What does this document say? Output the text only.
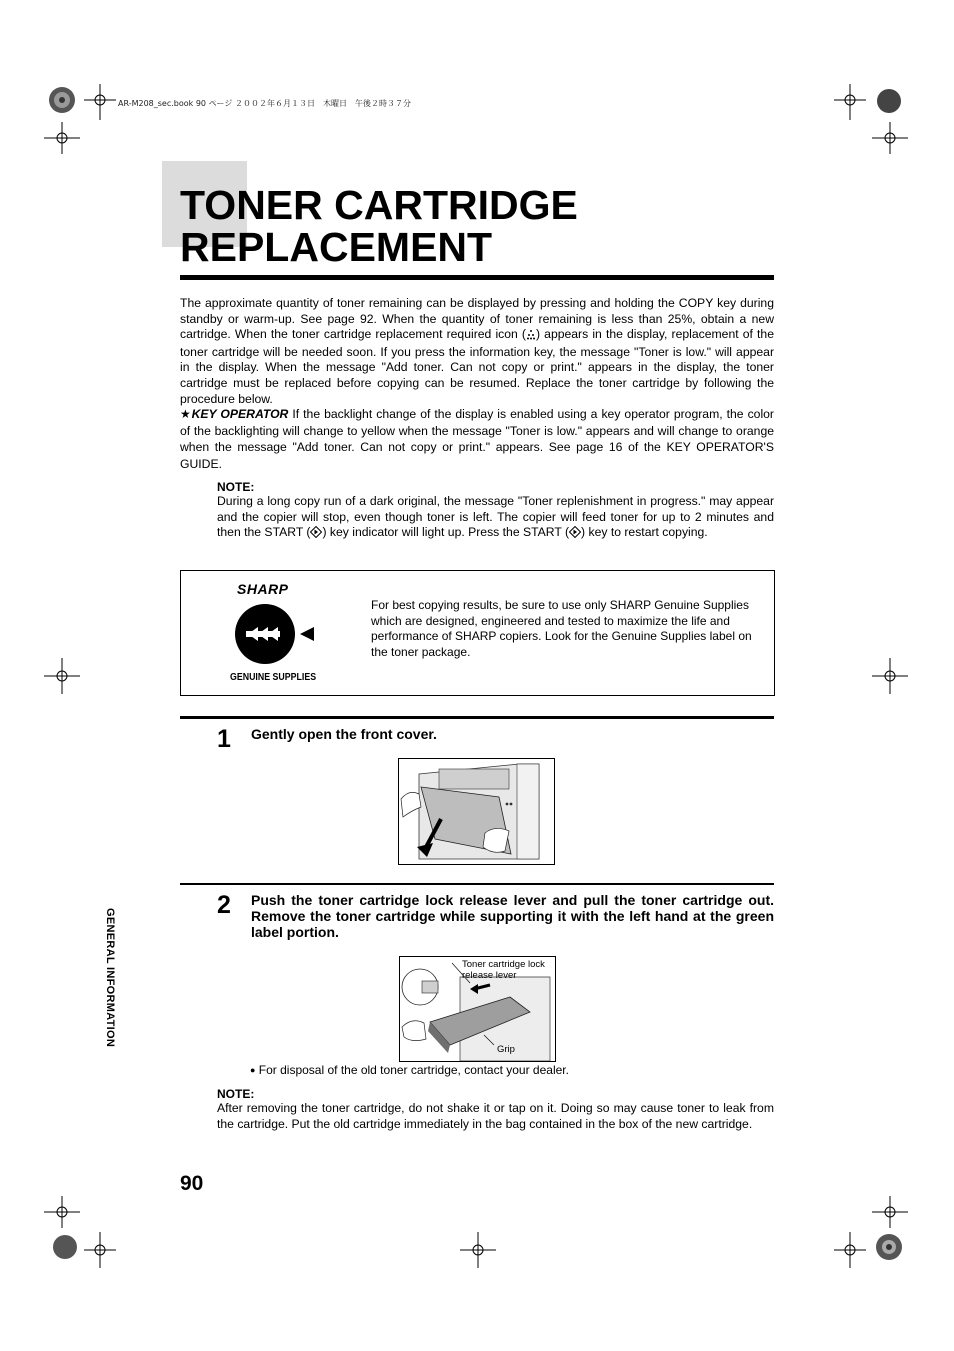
AR-M208_sec.book 90 ページ ２００２年６月１３日　木曜日　午後２時３７分
TONER CARTRIDGE
REPLACEMENT
The approximate quantity of toner remaining can be displayed by pressing and holding the COPY key during standby or warm-up. See page 92. When the quantity of toner remaining is less than 25%, obtain a new cartridge. When the toner cartridge replacement required icon ( ) appears in the display, replacement of the toner cartridge will be needed soon. If you press the information key, the message "Toner is low." will appear in the display. When the message "Add toner. Can not copy or print." appears in the display, the toner cartridge must be replaced before copying can be resumed. Replace the toner cartridge by following the procedure below.
★KEY OPERATOR If the backlight change of the display is enabled using a key operator program, the color of the backlighting will change to yellow when the message "Toner is low." appears and will change to orange when the message "Add toner. Can not copy or print." appears. See page 16 of the KEY OPERATOR'S GUIDE.
NOTE:
During a long copy run of a dark original, the message "Toner replenishment in progress." may appear and the copier will stop, even though toner is left. The copier will feed toner for up to 2 minutes and then the START ( ) key indicator will light up. Press the START ( ) key to restart copying.
SHARP
GENUINE SUPPLIES
For best copying results, be sure to use only SHARP Genuine Supplies which are designed, engineered and tested to maximize the life and performance of SHARP copiers. Look for the Genuine Supplies label on the toner package.
1 Gently open the front cover.
2 Push the toner cartridge lock release lever and pull the toner cartridge out. Remove the toner cartridge while supporting it with the left hand at the green label portion.
Toner cartridge lock release lever
Grip
● For disposal of the old toner cartridge, contact your dealer.
NOTE:
After removing the toner cartridge, do not shake it or tap on it. Doing so may cause toner to leak from the cartridge. Put the old cartridge immediately in the bag contained in the box of the new cartridge.
GENERAL INFORMATION
90
